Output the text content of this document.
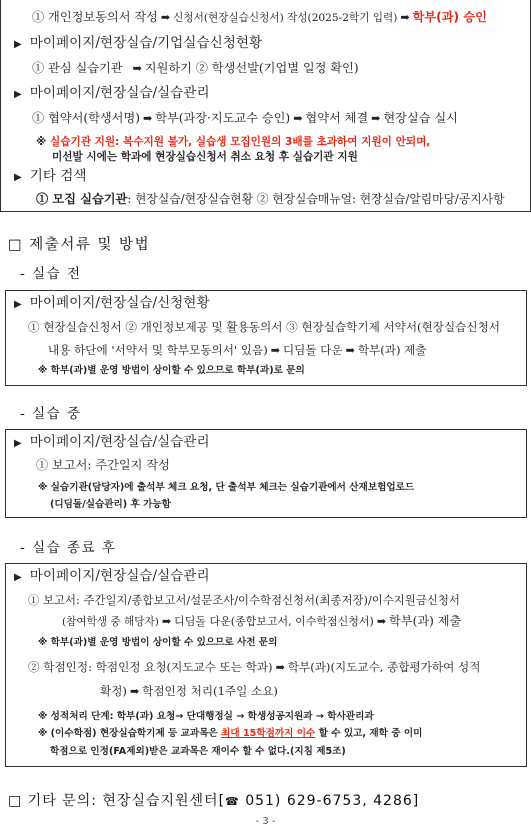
① 개인정보동의서 작성 ➡ 신청서(현장실습신청서) 작성(2025-2학기 입력) ➡ 학부(과) 승인
▶ 마이페이지/현장실습/기업실습신청현황
① 관심 실습기관 ➡ 지원하기 ② 학생선발(기업별 일정 확인)
▶ 마이페이지/현장실습/실습관리
① 협약서(학생서명) ➡ 학부(과장·지도교수 승인) ➡ 협약서 체결 ➡ 현장실습 실시
※ 실습기관 지원: 복수지원 불가, 실습생 모집인원의 3배를 초과하여 지원이 안되며,
미선발 시에는 학과에 현장실습신청서 취소 요청 후 실습기관 지원
▶ 기타 검색
① 모집 실습기관: 현장실습/현장실습현황 ② 현장실습매뉴얼: 현장실습/알림마당/공지사항
□ 제출서류 및 방법
- 실습 전
▶ 마이페이지/현장실습/신청현황
① 현장실습신청서 ② 개인정보제공 및 활용동의서 ③ 현장실습학기제 서약서(현장실습신청서
내용 하단에 '서약서 및 학부모동의서' 있음) ➡ 디딤돌 다운 ➡ 학부(과) 제출
※ 학부(과)별 운영 방법이 상이할 수 있으므로 학부(과)로 문의
- 실습 중
▶ 마이페이지/현장실습/실습관리
① 보고서: 주간일지 작성
※ 실습기관(담당자)에 출석부 체크 요청, 단 출석부 체크는 실습기관에서 산재보험업로드
(디딤돌/실습관리) 후 가능함
- 실습 종료 후
▶ 마이페이지/현장실습/실습관리
① 보고서: 주간일지/종합보고서/설문조사/이수학점신청서(최종저장)/이수지원금신청서
(참여학생 중 해당자) ➡ 디딤돌 다운(종합보고서, 이수학점신청서) ➡ 학부(과) 제출
※ 학부(과)별 운영 방법이 상이할 수 있으므로 사전 문의
② 학점인정: 학점인정 요청(지도교수 또는 학과) ➡ 학부(과)(지도교수, 종합평가하여 성적
확정) ➡ 학점인정 처리(1주일 소요)
※ 성적처리 단계: 학부(과) 요청→ 단대행정실 → 학생성공지원과 → 학사관리과
※ (이수학점) 현장실습학기제 등 교과목은 최대 15학점까지 이수 할 수 있고, 재학 중 이미
학점으로 인정(FA제외)받은 교과목은 재이수 할 수 없다.(지침 제5조)
□ 기타 문의: 현장실습지원센터[☎ 051) 629-6753, 4286]
- 3 -
